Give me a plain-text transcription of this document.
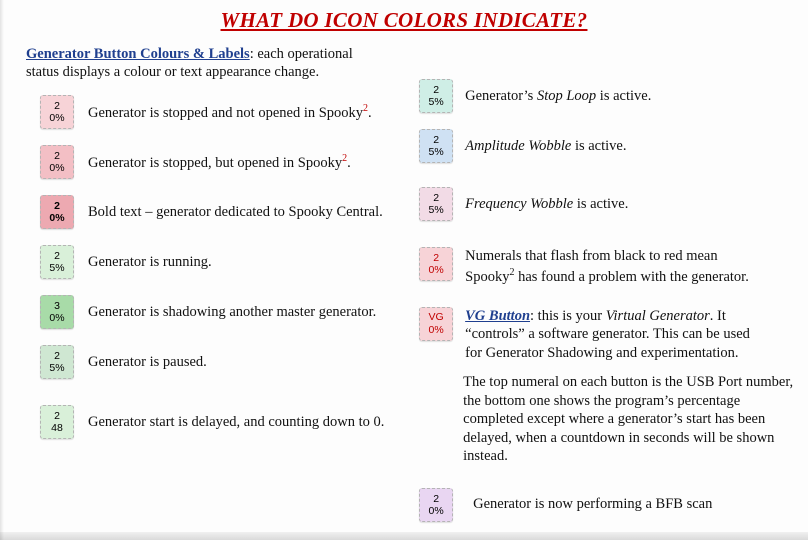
WHAT DO ICON COLORS INDICATE?
Generator Button Colours & Labels: each operational status displays a colour or text appearance change.
2
0% Generator is stopped and not opened in Spooky$^2$.
2
0% Generator is stopped, but opened in Spooky$^2$.
2
0% Bold text – generator dedicated to Spooky Central.
2
5% Generator is running.
3
0% Generator is shadowing another master generator.
2
5% Generator is paused.
2
48 Generator start is delayed, and counting down to 0.
2
5% Generator’s Stop Loop is active.
2
5% Amplitude Wobble is active.
2
5% Frequency Wobble is active.
2
0%
Numerals that flash from black to red mean Spooky$^2$ has found a problem with the generator.
VG
0%
VG Button: this is your Virtual Generator. It “controls” a software generator. This can be used for Generator Shadowing and experimentation.
The top numeral on each button is the USB Port number, the bottom one shows the program’s percentage completed except where a generator’s start has been delayed, when a countdown in seconds will be shown instead.
2
0%	Generator is now performing a BFB scan
